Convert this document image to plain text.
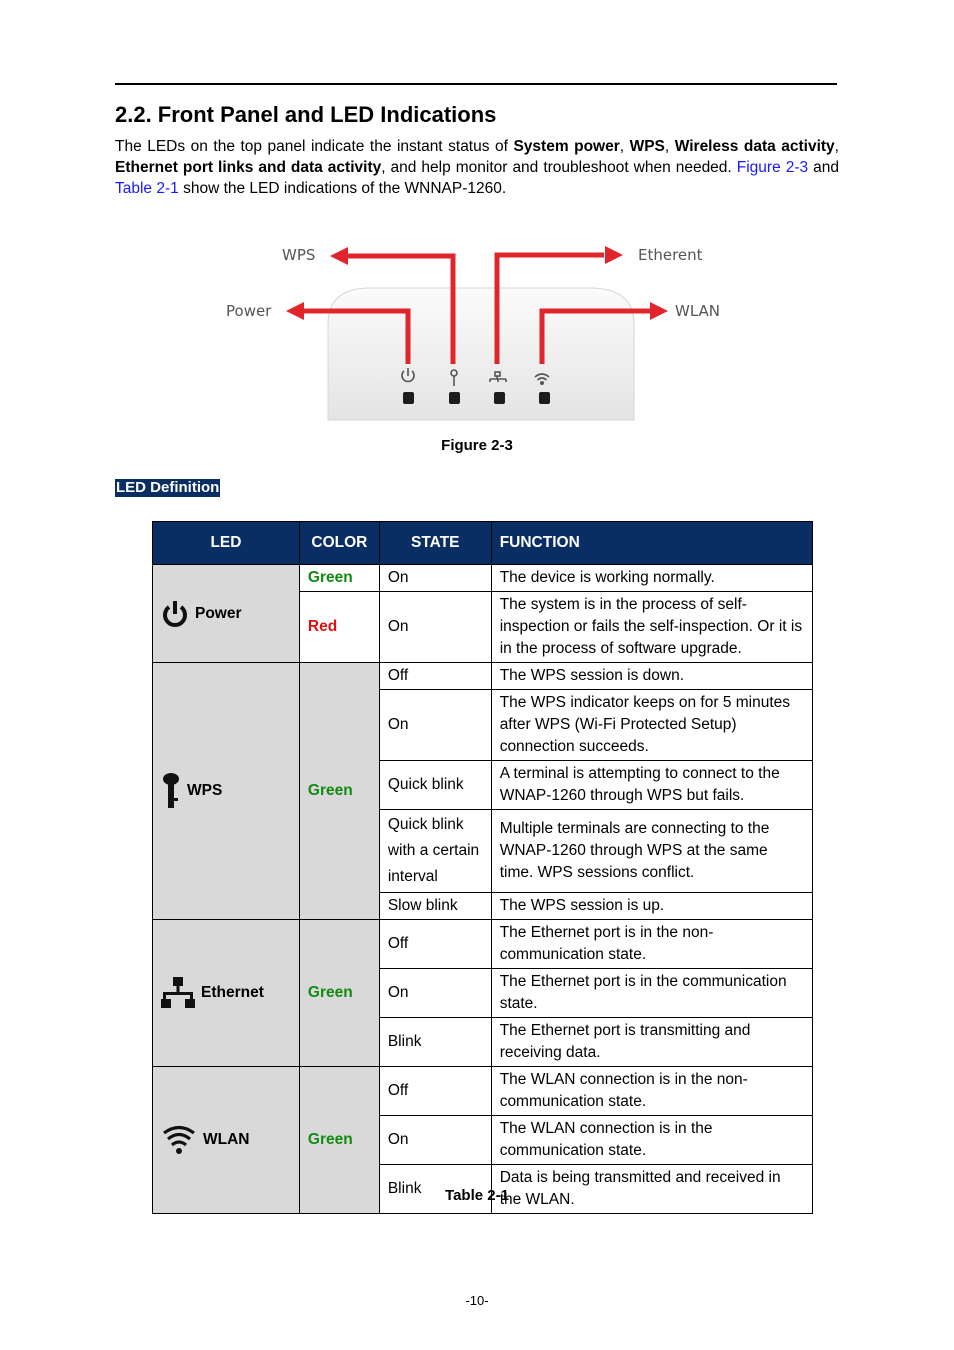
2.2. Front Panel and LED Indications

The LEDs on the top panel indicate the instant status of System power, WPS, Wireless data activity, Ethernet port links and data activity, and help monitor and troubleshoot when needed. Figure 2-3 and Table 2-1 show the LED indications of the WNNAP-1260.

WPS
Power
Etherent
WLAN
Figure 2-3
LED Definition
LED	COLOR	STATE	FUNCTION

Power	Green	On	The device is working normally.
	Red	On	The system is in the process of self-inspection or fails the self-inspection. Or it is in the process of software upgrade.

WPS	Green	Off	The WPS session is down.
		On	The WPS indicator keeps on for 5 minutes after WPS (Wi-Fi Protected Setup) connection succeeds.
		Quick blink	A terminal is attempting to connect to the WNAP-1260 through WPS but fails.
		Quick blink with a certain interval	Multiple terminals are connecting to the WNAP-1260 through WPS at the same time. WPS sessions conflict.
		Slow blink	The WPS session is up.

Ethernet	Green	Off	The Ethernet port is in the non-communication state.
		On	The Ethernet port is in the communication state.
		Blink	The Ethernet port is transmitting and receiving data.

WLAN	Green	Off	The WLAN connection is in the non-communication state.
		On	The WLAN connection is in the communication state.
		Blink	Data is being transmitted and received in the WLAN.
Table 2-1
-10-
